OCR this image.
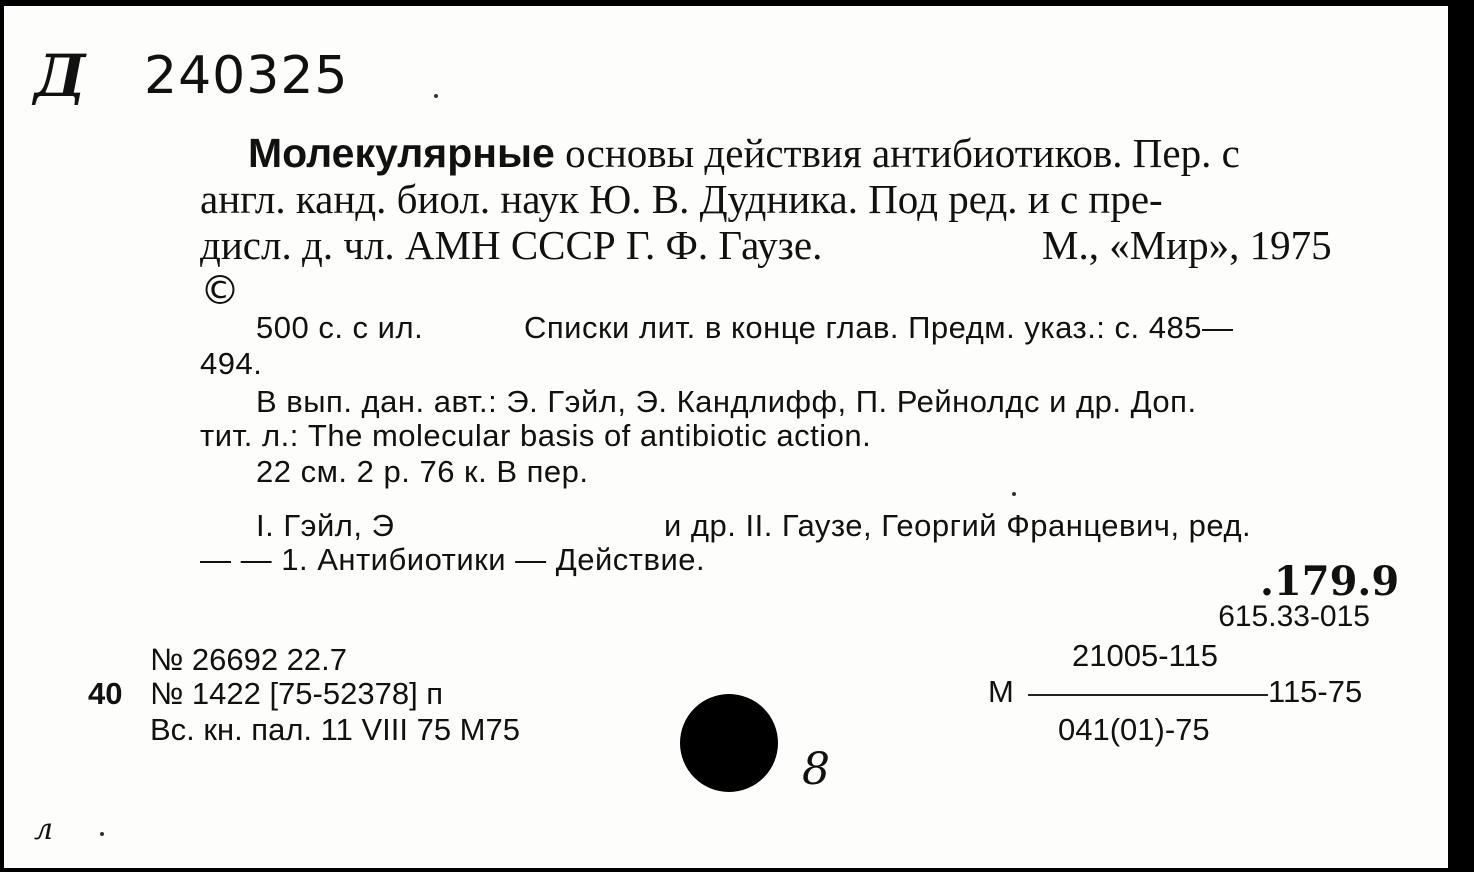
Д 240325
Молекулярные основы действия антибиотиков. Пер. с
англ. канд. биол. наук Ю. В. Дудника. Под ред. и с пре-
дисл. д. чл. АМН СССР Г. Ф. Гаузе.	М., «Мир», 1975
©
500 с. с ил.	Списки лит. в конце глав. Предм. указ.: с. 485—
494.
В вып. дан. авт.: Э. Гэйл, Э. Кандлифф, П. Рейнолдс и др. Доп.
тит. л.: The molecular basis of antibiotic action.
22 см. 2 р. 76 к. В пер.
I. Гэйл, Э	и др. II. Гаузе, Георгий Францевич, ред.
— — 1. Антибиотики — Действие.	.179.9
615.33-015
№ 26692 22.7
40 № 1422 [75-52378] п
Вс. кн. пал. 11 VIII 75 М75
21005-115
М	115-75
041(01)-75
8
л
